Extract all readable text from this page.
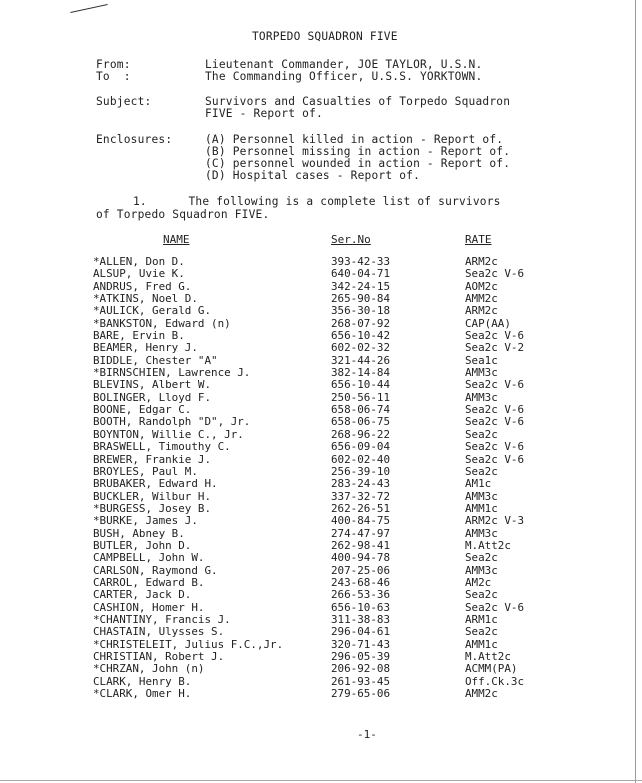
TORPEDO SQUADRON FIVE
From:	Lieutenant Commander, JOE TAYLOR, U.S.N.
To  :	The Commanding Officer, U.S.S. YORKTOWN.
Subject:	Survivors and Casualties of Torpedo Squadron
FIVE - Report of.
Enclosures:	(A) Personnel killed in action - Report of.
(B) Personnel missing in action - Report of.
(C) personnel wounded in action - Report of.
(D) Hospital cases - Report of.
1.      The following is a complete list of survivors
of Torpedo Squadron FIVE.
NAME	Ser.No	RATE
*ALLEN, Don D.	393-42-33	ARM2c
ALSUP, Uvie K.	640-04-71	Sea2c V-6
ANDRUS, Fred G.	342-24-15	AOM2c
*ATKINS, Noel D.	265-90-84	AMM2c
*AULICK, Gerald G.	356-30-18	ARM2c
*BANKSTON, Edward (n)	268-07-92	CAP(AA)
BARE, Ervin B.	656-10-42	Sea2c V-6
BEAMER, Henry J.	602-02-32	Sea2c V-2
BIDDLE, Chester "A"	321-44-26	Sea1c
*BIRNSCHIEN, Lawrence J.	382-14-84	AMM3c
BLEVINS, Albert W.	656-10-44	Sea2c V-6
BOLINGER, Lloyd F.	250-56-11	AMM3c
BOONE, Edgar C.	658-06-74	Sea2c V-6
BOOTH, Randolph "D", Jr.	658-06-75	Sea2c V-6
BOYNTON, Willie C., Jr.	268-96-22	Sea2c
BRASWELL, Timouthy C.	656-09-04	Sea2c V-6
BREWER, Frankie J.	602-02-40	Sea2c V-6
BROYLES, Paul M.	256-39-10	Sea2c
BRUBAKER, Edward H.	283-24-43	AM1c
BUCKLER, Wilbur H.	337-32-72	AMM3c
*BURGESS, Josey B.	262-26-51	AMM1c
*BURKE, James J.	400-84-75	ARM2c V-3
BUSH, Abney B.	274-47-97	AMM3c
BUTLER, John D.	262-98-41	M.Att2c
CAMPBELL, John W.	400-94-78	Sea2c
CARLSON, Raymond G.	207-25-06	AMM3c
CARROL, Edward B.	243-68-46	AM2c
CARTER, Jack D.	266-53-36	Sea2c
CASHION, Homer H.	656-10-63	Sea2c V-6
*CHANTINY, Francis J.	311-38-83	ARM1c
CHASTAIN, Ulysses S.	296-04-61	Sea2c
*CHRISTELEIT, Julius F.C.,Jr.	320-71-43	AMM1c
CHRISTIAN, Robert J.	296-05-39	M.Att2c
*CHRZAN, John (n)	206-92-08	ACMM(PA)
CLARK, Henry B.	261-93-45	Off.Ck.3c
*CLARK, Omer H.	279-65-06	AMM2c
-1-
